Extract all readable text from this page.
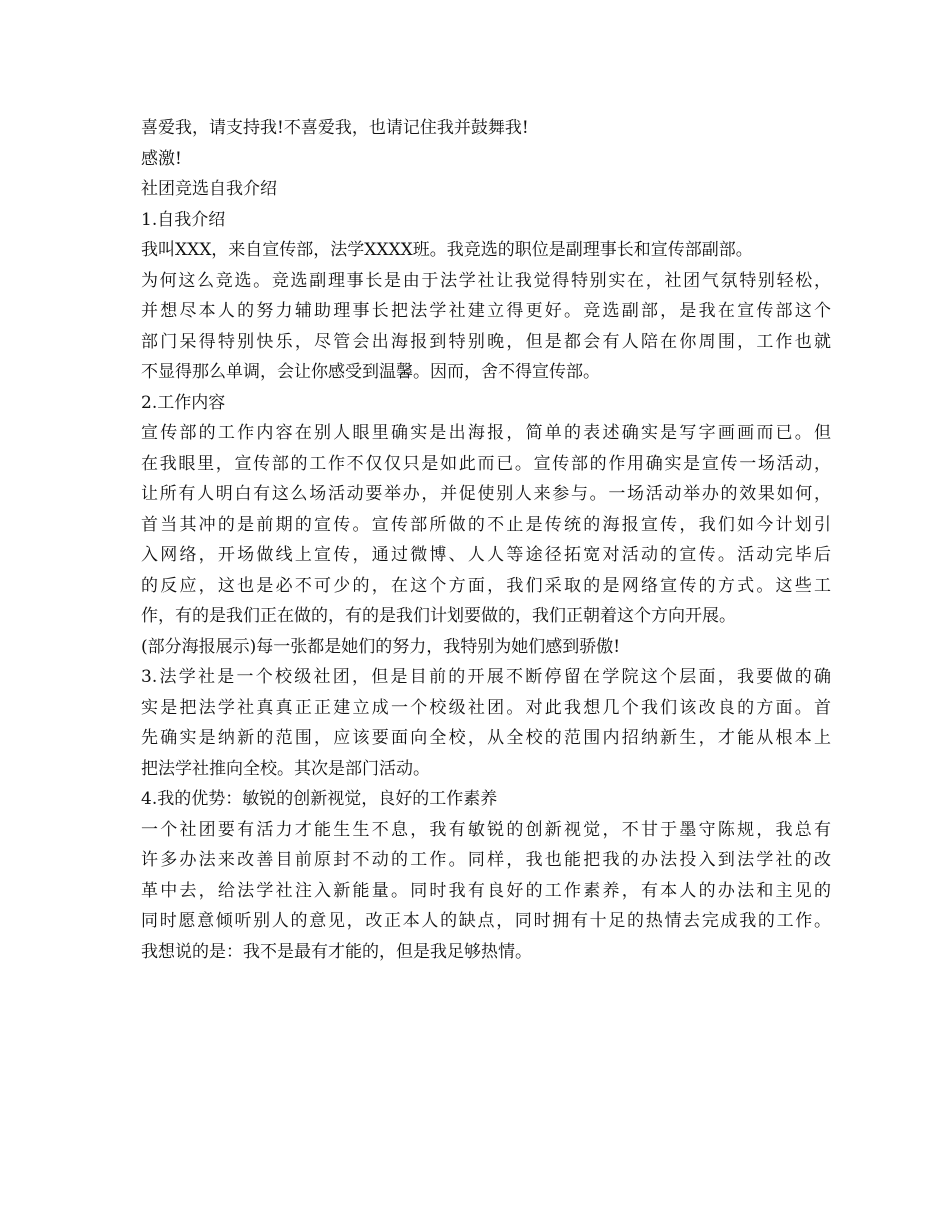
喜爱我，请支持我!不喜爱我，也请记住我并鼓舞我!
感激!
社团竞选自我介绍
1.自我介绍
我叫XXX，来自宣传部，法学XXXX班。我竞选的职位是副理事长和宣传部副部。
为何这么竞选。竞选副理事长是由于法学社让我觉得特别实在，社团气氛特别轻松，
并想尽本人的努力辅助理事长把法学社建立得更好。竞选副部，是我在宣传部这个
部门呆得特别快乐，尽管会出海报到特别晚，但是都会有人陪在你周围，工作也就
不显得那么单调，会让你感受到温馨。因而，舍不得宣传部。
2.工作内容
宣传部的工作内容在别人眼里确实是出海报，简单的表述确实是写字画画而已。但
在我眼里，宣传部的工作不仅仅只是如此而已。宣传部的作用确实是宣传一场活动，
让所有人明白有这么场活动要举办，并促使别人来参与。一场活动举办的效果如何，
首当其冲的是前期的宣传。宣传部所做的不止是传统的海报宣传，我们如今计划引
入网络，开场做线上宣传，通过微博、人人等途径拓宽对活动的宣传。活动完毕后
的反应，这也是必不可少的，在这个方面，我们采取的是网络宣传的方式。这些工
作，有的是我们正在做的，有的是我们计划要做的，我们正朝着这个方向开展。
(部分海报展示)每一张都是她们的努力，我特别为她们感到骄傲!
3.法学社是一个校级社团，但是目前的开展不断停留在学院这个层面，我要做的确
实是把法学社真真正正建立成一个校级社团。对此我想几个我们该改良的方面。首
先确实是纳新的范围，应该要面向全校，从全校的范围内招纳新生，才能从根本上
把法学社推向全校。其次是部门活动。
4.我的优势：敏锐的创新视觉，良好的工作素养
一个社团要有活力才能生生不息，我有敏锐的创新视觉，不甘于墨守陈规，我总有
许多办法来改善目前原封不动的工作。同样，我也能把我的办法投入到法学社的改
革中去，给法学社注入新能量。同时我有良好的工作素养，有本人的办法和主见的
同时愿意倾听别人的意见，改正本人的缺点，同时拥有十足的热情去完成我的工作。
我想说的是：我不是最有才能的，但是我足够热情。
